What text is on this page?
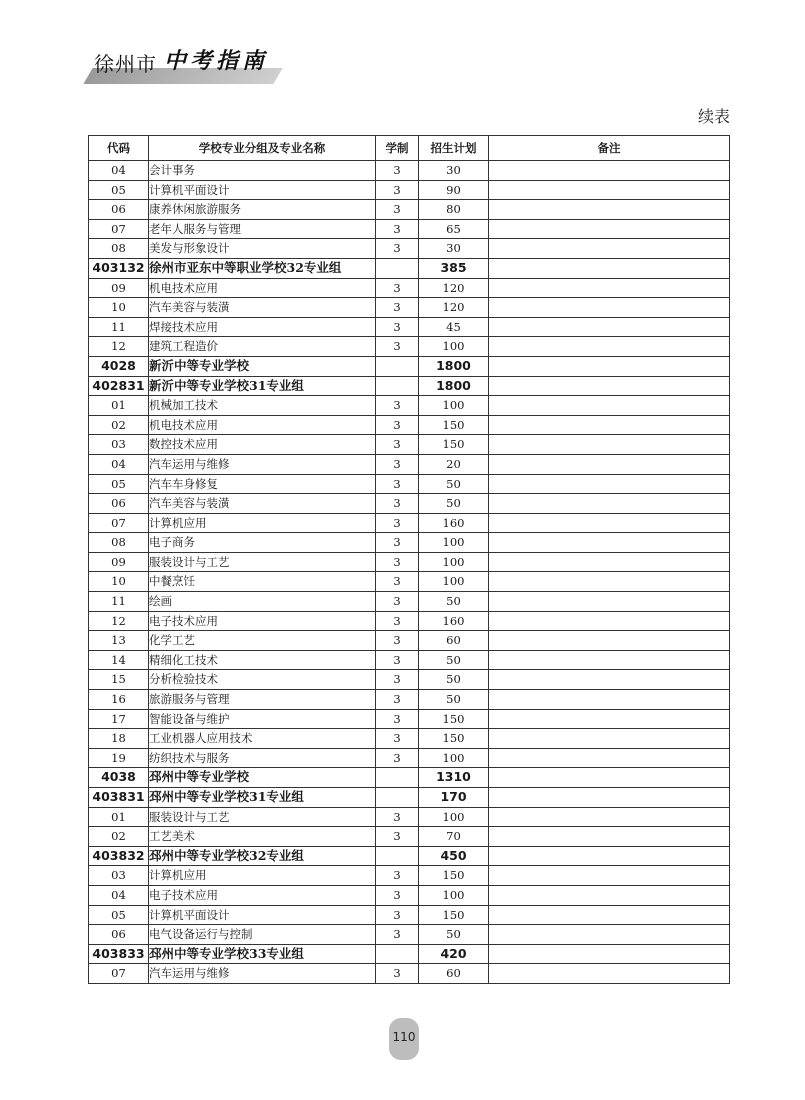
徐州市 中考指南
续表
代码	学校专业分组及专业名称	学制	招生计划	备注
04	会计事务	3	30	
05	计算机平面设计	3	90	
06	康养休闲旅游服务	3	80	
07	老年人服务与管理	3	65	
08	美发与形象设计	3	30	
403132	徐州市亚东中等职业学校32专业组		385	
09	机电技术应用	3	120	
10	汽车美容与装潢	3	120	
11	焊接技术应用	3	45	
12	建筑工程造价	3	100	
4028	新沂中等专业学校		1800	
402831	新沂中等专业学校31专业组		1800	
01	机械加工技术	3	100	
02	机电技术应用	3	150	
03	数控技术应用	3	150	
04	汽车运用与维修	3	20	
05	汽车车身修复	3	50	
06	汽车美容与装潢	3	50	
07	计算机应用	3	160	
08	电子商务	3	100	
09	服装设计与工艺	3	100	
10	中餐烹饪	3	100	
11	绘画	3	50	
12	电子技术应用	3	160	
13	化学工艺	3	60	
14	精细化工技术	3	50	
15	分析检验技术	3	50	
16	旅游服务与管理	3	50	
17	智能设备与维护	3	150	
18	工业机器人应用技术	3	150	
19	纺织技术与服务	3	100	
4038	邳州中等专业学校		1310	
403831	邳州中等专业学校31专业组		170	
01	服装设计与工艺	3	100	
02	工艺美术	3	70	
403832	邳州中等专业学校32专业组		450	
03	计算机应用	3	150	
04	电子技术应用	3	100	
05	计算机平面设计	3	150	
06	电气设备运行与控制	3	50	
403833	邳州中等专业学校33专业组		420	
07	汽车运用与维修	3	60	
110
